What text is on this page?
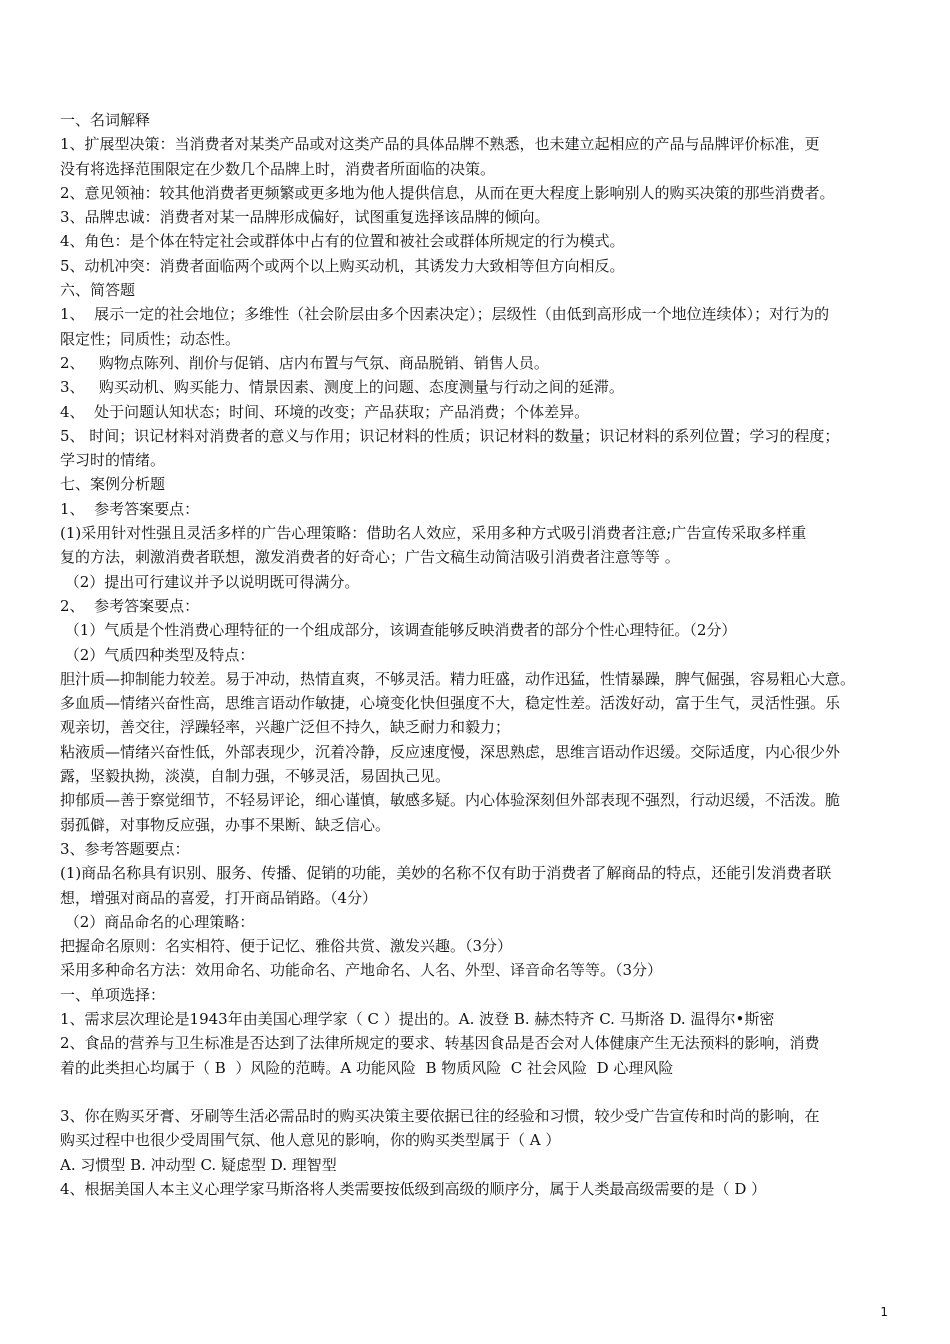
一、名词解释
1、扩展型决策：当消费者对某类产品或对这类产品的具体品牌不熟悉，也未建立起相应的产品与品牌评价标准，更
没有将选择范围限定在少数几个品牌上时，消费者所面临的决策。
2、意见领袖：较其他消费者更频繁或更多地为他人提供信息，从而在更大程度上影响别人的购买决策的那些消费者。
3、品牌忠诚：消费者对某一品牌形成偏好，试图重复选择该品牌的倾向。
4、角色：是个体在特定社会或群体中占有的位置和被社会或群体所规定的行为模式。
5、动机冲突：消费者面临两个或两个以上购买动机，其诱发力大致相等但方向相反。
六、简答题
1、  展示一定的社会地位；多维性（社会阶层由多个因素决定）；层级性（由低到高形成一个地位连续体）；对行为的
限定性；同质性；动态性。
2、   购物点陈列、削价与促销、店内布置与气氛、商品脱销、销售人员。
3、   购买动机、购买能力、情景因素、测度上的问题、态度测量与行动之间的延滞。
4、  处于问题认知状态；时间、环境的改变；产品获取；产品消费；个体差异。
5、 时间；识记材料对消费者的意义与作用；识记材料的性质；识记材料的数量；识记材料的系列位置；学习的程度；
学习时的情绪。
七、案例分析题
1、  参考答案要点：
(1)采用针对性强且灵活多样的广告心理策略：借助名人效应，采用多种方式吸引消费者注意;广告宣传采取多样重
复的方法，刺激消费者联想，激发消费者的好奇心；广告文稿生动简洁吸引消费者注意等等 。
（2）提出可行建议并予以说明既可得满分。
2、  参考答案要点：
（1）气质是个性消费心理特征的一个组成部分，该调查能够反映消费者的部分个性心理特征。（2分）
（2）气质四种类型及特点：
胆汁质—抑制能力较差。易于冲动，热情直爽，不够灵活。精力旺盛，动作迅猛，性情暴躁，脾气倔强，容易粗心大意。
多血质—情绪兴奋性高，思维言语动作敏捷，心境变化快但强度不大，稳定性差。活泼好动，富于生气，灵活性强。乐
观亲切，善交往，浮躁轻率，兴趣广泛但不持久，缺乏耐力和毅力；
粘液质—情绪兴奋性低，外部表现少，沉着冷静，反应速度慢，深思熟虑，思维言语动作迟缓。交际适度，内心很少外
露，坚毅执拗，淡漠，自制力强，不够灵活，易固执己见。
抑郁质—善于察觉细节，不轻易评论，细心谨慎，敏感多疑。内心体验深刻但外部表现不强烈，行动迟缓，不活泼。脆
弱孤僻，对事物反应强，办事不果断、缺乏信心。
3、参考答题要点：
(1)商品名称具有识别、服务、传播、促销的功能，美妙的名称不仅有助于消费者了解商品的特点，还能引发消费者联
想，增强对商品的喜爱，打开商品销路。（4分）
（2）商品命名的心理策略：
把握命名原则：名实相符、便于记忆、雅俗共赏、激发兴趣。（3分）
采用多种命名方法：效用命名、功能命名、产地命名、人名、外型、译音命名等等。（3分）
一、单项选择：
1、需求层次理论是1943年由美国心理学家（ C ）提出的。A. 波登 B. 赫杰特齐 C. 马斯洛 D. 温得尔•斯密
2、食品的营养与卫生标准是否达到了法律所规定的要求、转基因食品是否会对人体健康产生无法预料的影响，消费
着的此类担心均属于（ B  ）风险的范畴。A 功能风险  B 物质风险  C 社会风险  D 心理风险
3、你在购买牙膏、牙刷等生活必需品时的购买决策主要依据已往的经验和习惯，较少受广告宣传和时尚的影响，在
购买过程中也很少受周围气氛、他人意见的影响，你的购买类型属于（ A ）
A. 习惯型 B. 冲动型 C. 疑虑型 D. 理智型
4、根据美国人本主义心理学家马斯洛将人类需要按低级到高级的顺序分，属于人类最高级需要的是（ D ）
1
